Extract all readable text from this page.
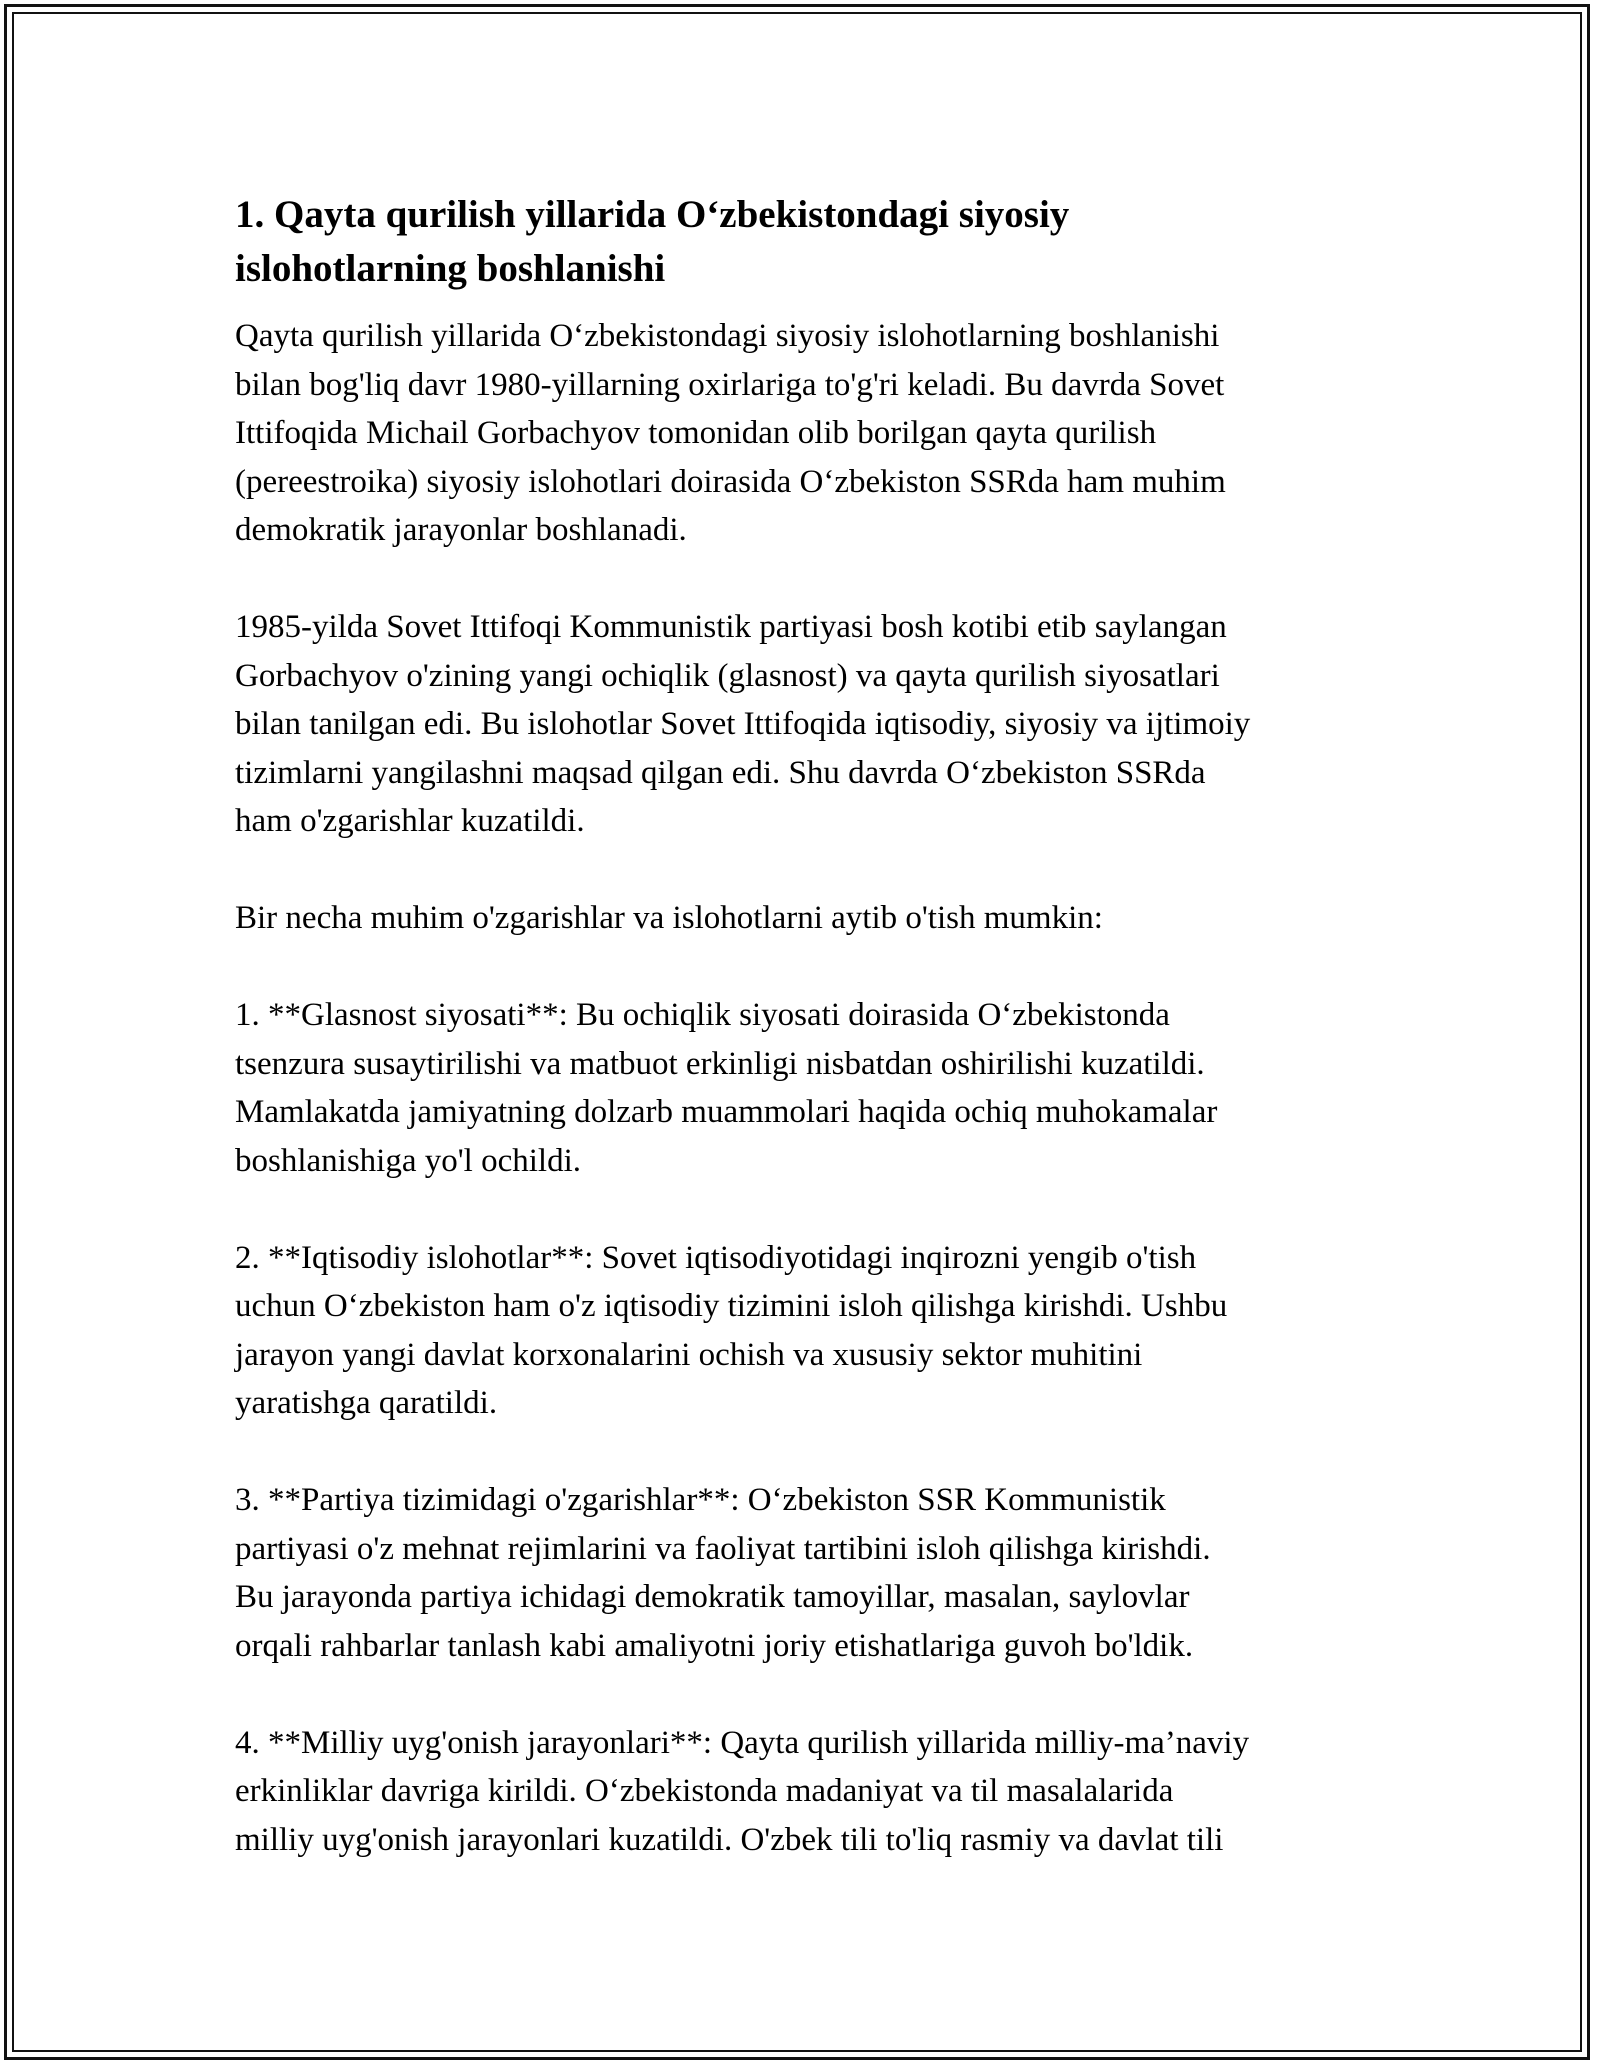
1. Qayta qurilish yillarida O‘zbekistondagi siyosiy
islohotlarning boshlanishi

Qayta qurilish yillarida O‘zbekistondagi siyosiy islohotlarning boshlanishi
bilan bog'liq davr 1980-yillarning oxirlariga to'g'ri keladi. Bu davrda Sovet
Ittifoqida Michail Gorbachyov tomonidan olib borilgan qayta qurilish
(pereestroika) siyosiy islohotlari doirasida O‘zbekiston SSRda ham muhim
demokratik jarayonlar boshlanadi.

1985-yilda Sovet Ittifoqi Kommunistik partiyasi bosh kotibi etib saylangan
Gorbachyov o'zining yangi ochiqlik (glasnost) va qayta qurilish siyosatlari
bilan tanilgan edi. Bu islohotlar Sovet Ittifoqida iqtisodiy, siyosiy va ijtimoiy
tizimlarni yangilashni maqsad qilgan edi. Shu davrda O‘zbekiston SSRda
ham o'zgarishlar kuzatildi.

Bir necha muhim o'zgarishlar va islohotlarni aytib o'tish mumkin:

1. **Glasnost siyosati**: Bu ochiqlik siyosati doirasida O‘zbekistonda
tsenzura susaytirilishi va matbuot erkinligi nisbatdan oshirilishi kuzatildi.
Mamlakatda jamiyatning dolzarb muammolari haqida ochiq muhokamalar
boshlanishiga yo'l ochildi.

2. **Iqtisodiy islohotlar**: Sovet iqtisodiyotidagi inqirozni yengib o'tish
uchun O‘zbekiston ham o'z iqtisodiy tizimini isloh qilishga kirishdi. Ushbu
jarayon yangi davlat korxonalarini ochish va xususiy sektor muhitini
yaratishga qaratildi.

3. **Partiya tizimidagi o'zgarishlar**: O‘zbekiston SSR Kommunistik
partiyasi o'z mehnat rejimlarini va faoliyat tartibini isloh qilishga kirishdi.
Bu jarayonda partiya ichidagi demokratik tamoyillar, masalan, saylovlar
orqali rahbarlar tanlash kabi amaliyotni joriy etishatlariga guvoh bo'ldik.

4. **Milliy uyg'onish jarayonlari**: Qayta qurilish yillarida milliy-ma’naviy
erkinliklar davriga kirildi. O‘zbekistonda madaniyat va til masalalarida
milliy uyg'onish jarayonlari kuzatildi. O'zbek tili to'liq rasmiy va davlat tili
